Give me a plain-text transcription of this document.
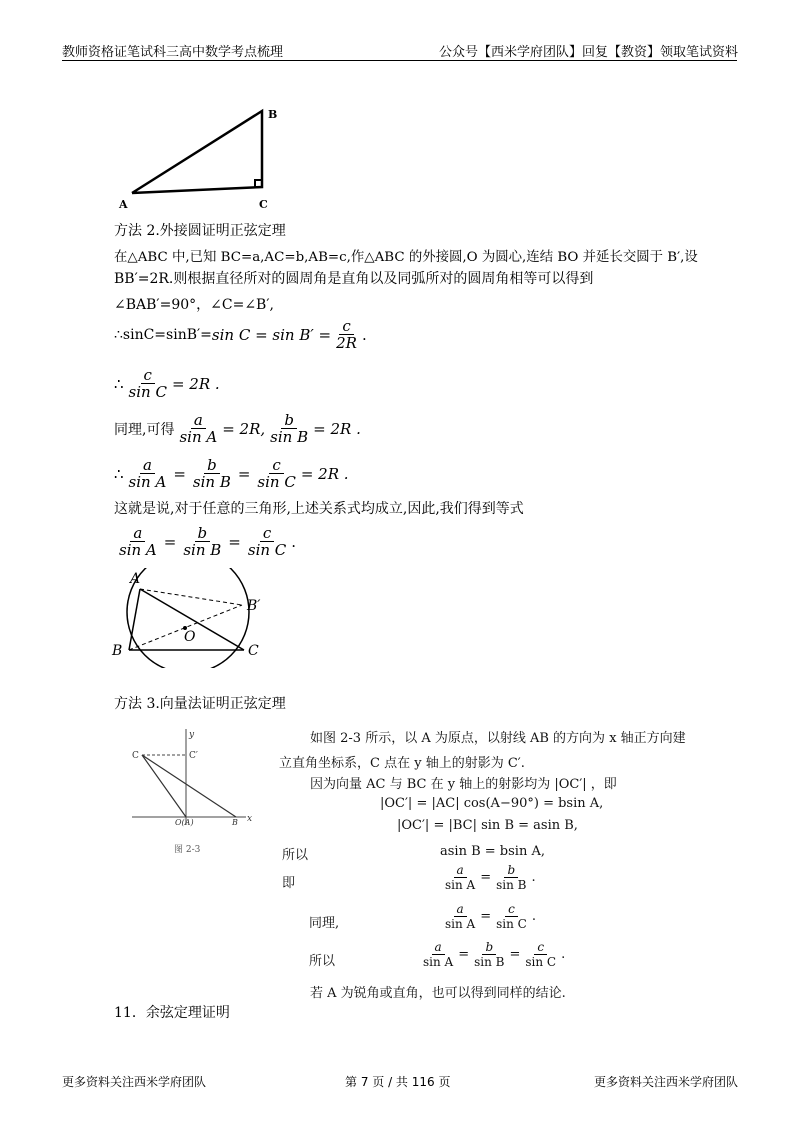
教师资格证笔试科三高中数学考点梳理	公众号【西米学府团队】回复【教资】领取笔试资料
A
B
C
方法 2.外接圆证明正弦定理
在△ABC 中,已知 BC=a,AC=b,AB=c,作△ABC 的外接圆,O 为圆心,连结 BO 并延长交圆于 B′,设
BB′=2R.则根据直径所对的圆周角是直角以及同弧所对的圆周角相等可以得到
∠BAB′=90°，∠C=∠B′,
∴sinC=sinB′= $\sin C = \sin B' = \frac{c}{2R}$ .
∴ $\frac{c}{\text{sin C}} = 2R$ .
同理,可得 $\frac{a}{\text{sin A}} = 2R$, $\frac{b}{\text{sin B}} = 2R$ .
∴ $\frac{a}{\text{sin A}} = \frac{b}{\text{sin B}} = \frac{c}{\text{sin C}} = 2R$ .
这就是说,对于任意的三角形,上述关系式均成立,因此,我们得到等式
$\frac{a}{\text{sin A}} = \frac{b}{\text{sin B}} = \frac{c}{\text{sin C}}$ .
A
B′
B	C
O
方法 3.向量法证明正弦定理
y
x
C	C′
O(A)	B
图 2-3
如图 2-3 所示，以 A 为原点，以射线 AB 的方向为 x 轴正方向建
立直角坐标系，C 点在 y 轴上的射影为 C′.
因为向量 AC 与 BC 在 y 轴上的射影均为 |OC′| ，即
|OC′| = |AC| cos(A−90°) = bsin A,
|OC′| = |BC| sin B = asin B,
所以	asin B = bsin A,
即	$\frac{a}{\text{sin A}} = \frac{b}{\text{sin B}}$ .
同理,	$\frac{a}{\text{sin A}} = \frac{c}{\text{sin C}}$ .
所以	$\frac{a}{\text{sin A}} = \frac{b}{\text{sin B}} = \frac{c}{\text{sin C}}$ .
若 A 为锐角或直角，也可以得到同样的结论.
11．余弦定理证明
更多资料关注西米学府团队	第 7 页 / 共 116 页	更多资料关注西米学府团队
